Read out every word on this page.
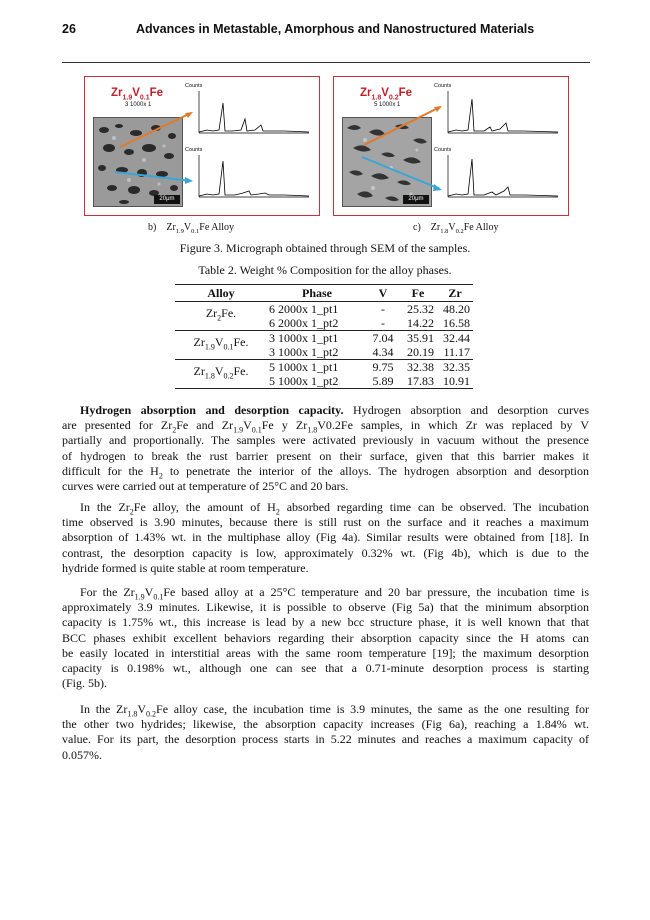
26	Advances in Metastable, Amorphous and Nanostructured Materials
$Zr_{1.9}V_{0.1}Fe$
3 1000x 1
20μm
Counts
Counts
$Zr_{1.8}V_{0.2}Fe$
5 1000x 1
20μm
Counts
Counts
b) $Zr_{1.9}V_{0.1}Fe$ Alloy	c) $Zr_{1.8}V_{0.2}Fe$ Alloy
Figure 3. Micrograph obtained through SEM of the samples.
Table 2. Weight % Composition for the alloy phases.
Alloy	Phase	V	Fe	Zr
$Zr_2Fe$.	6 2000x 1_pt1	-	25.32	48.20
	6 2000x 1_pt2	-	14.22	16.58
$Zr_{1.9}V_{0.1}Fe$.	3 1000x 1_pt1	7.04	35.91	32.44
	3 1000x 1_pt2	4.34	20.19	11.17
$Zr_{1.8}V_{0.2}Fe$.	5 1000x 1_pt1	9.75	32.38	32.35
	5 1000x 1_pt2	5.89	17.83	10.91
Hydrogen absorption and desorption capacity. Hydrogen absorption and desorption curves
are presented for $Zr_2Fe$ and $Zr_{1.9}V_{0.1}Fe$ y $Zr_{1.8}V0.2Fe$ samples, in which Zr was replaced by V
partially and proportionally. The samples were activated previously in vacuum without the presence
of hydrogen to break the rust barrier present on their surface, given that this barrier makes it
difficult for the $H_2$ to penetrate the interior of the alloys. The hydrogen absorption and desorption
curves were carried out at temperature of 25°C and 20 bars.
In the $Zr_2Fe$ alloy, the amount of $H_2$ absorbed regarding time can be observed. The incubation
time observed is 3.90 minutes, because there is still rust on the surface and it reaches a maximum
absorption of 1.43% wt. in the multiphase alloy (Fig 4a). Similar results were obtained from [18]. In
contrast, the desorption capacity is low, approximately 0.32% wt. (Fig 4b), which is due to the
hydride formed is quite stable at room temperature.
For the $Zr_{1.9}V_{0.1}Fe$ based alloy at a 25°C temperature and 20 bar pressure, the incubation time is
approximately 3.9 minutes. Likewise, it is possible to observe (Fig 5a) that the minimum absorption
capacity is 1.75% wt., this increase is lead by a new bcc structure phase, it is well known that that
BCC phases exhibit excellent behaviors regarding their absorption capacity since the H atoms can
be easily located in interstitial areas with the same room temperature [19]; the maximum desorption
capacity is 0.198% wt., although one can see that a 0.71-minute desorption process is starting
(Fig. 5b).
In the $Zr_{1.8}V_{0.2}Fe$ alloy case, the incubation time is 3.9 minutes, the same as the one resulting for
the other two hydrides; likewise, the absorption capacity increases (Fig 6a), reaching a 1.84% wt.
value. For its part, the desorption process starts in 5.22 minutes and reaches a maximum capacity of
0.057%.
